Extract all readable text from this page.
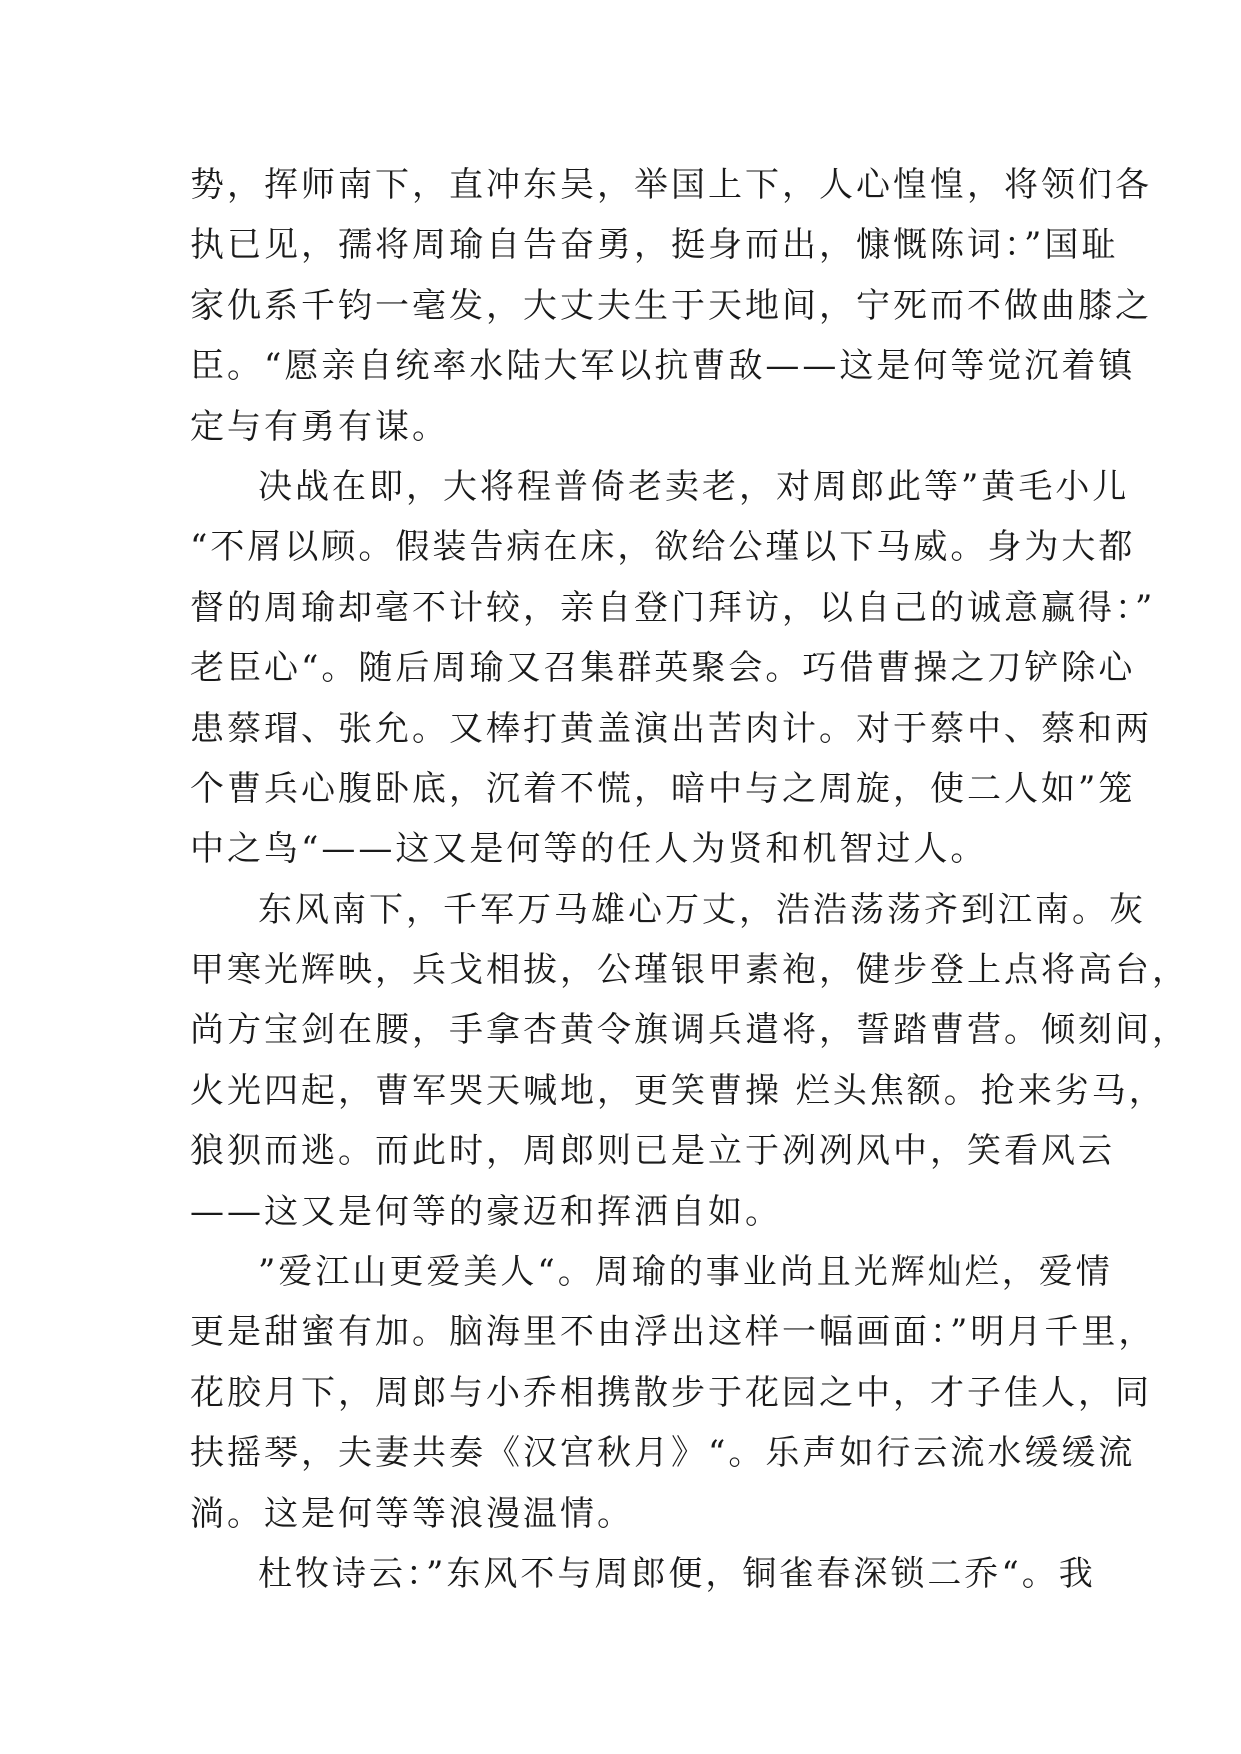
势，挥师南下，直冲东吴，举国上下，人心惶惶，将领们各
执已见，孺将周瑜自告奋勇，挺身而出，慷慨陈词：”国耻
家仇系千钧一毫发，大丈夫生于天地间，宁死而不做曲膝之
臣。“愿亲自统率水陆大军以抗曹敌——这是何等觉沉着镇
定与有勇有谋。
决战在即，大将程普倚老卖老，对周郎此等”黄毛小儿
“不屑以顾。假装告病在床，欲给公瑾以下马威。身为大都
督的周瑜却毫不计较，亲自登门拜访，以自己的诚意赢得：”
老臣心“。随后周瑜又召集群英聚会。巧借曹操之刀铲除心
患蔡瑁、张允。又棒打黄盖演出苦肉计。对于蔡中、蔡和两
个曹兵心腹卧底，沉着不慌，暗中与之周旋，使二人如”笼
中之鸟“——这又是何等的任人为贤和机智过人。
东风南下，千军万马雄心万丈，浩浩荡荡齐到江南。灰
甲寒光辉映，兵戈相拔，公瑾银甲素袍，健步登上点将高台，
尚方宝剑在腰，手拿杏黄令旗调兵遣将，誓踏曹营。倾刻间，
火光四起，曹军哭天喊地，更笑曹操 烂头焦额。抢来劣马，
狼狈而逃。而此时，周郎则已是立于冽冽风中，笑看风云
——这又是何等的豪迈和挥洒自如。
”爱江山更爱美人“。周瑜的事业尚且光辉灿烂，爱情
更是甜蜜有加。脑海里不由浮出这样一幅画面：”明月千里，
花胶月下，周郎与小乔相携散步于花园之中，才子佳人，同
扶摇琴，夫妻共奏《汉宫秋月》“。乐声如行云流水缓缓流
淌。这是何等等浪漫温情。
杜牧诗云：”东风不与周郎便，铜雀春深锁二乔“。我
